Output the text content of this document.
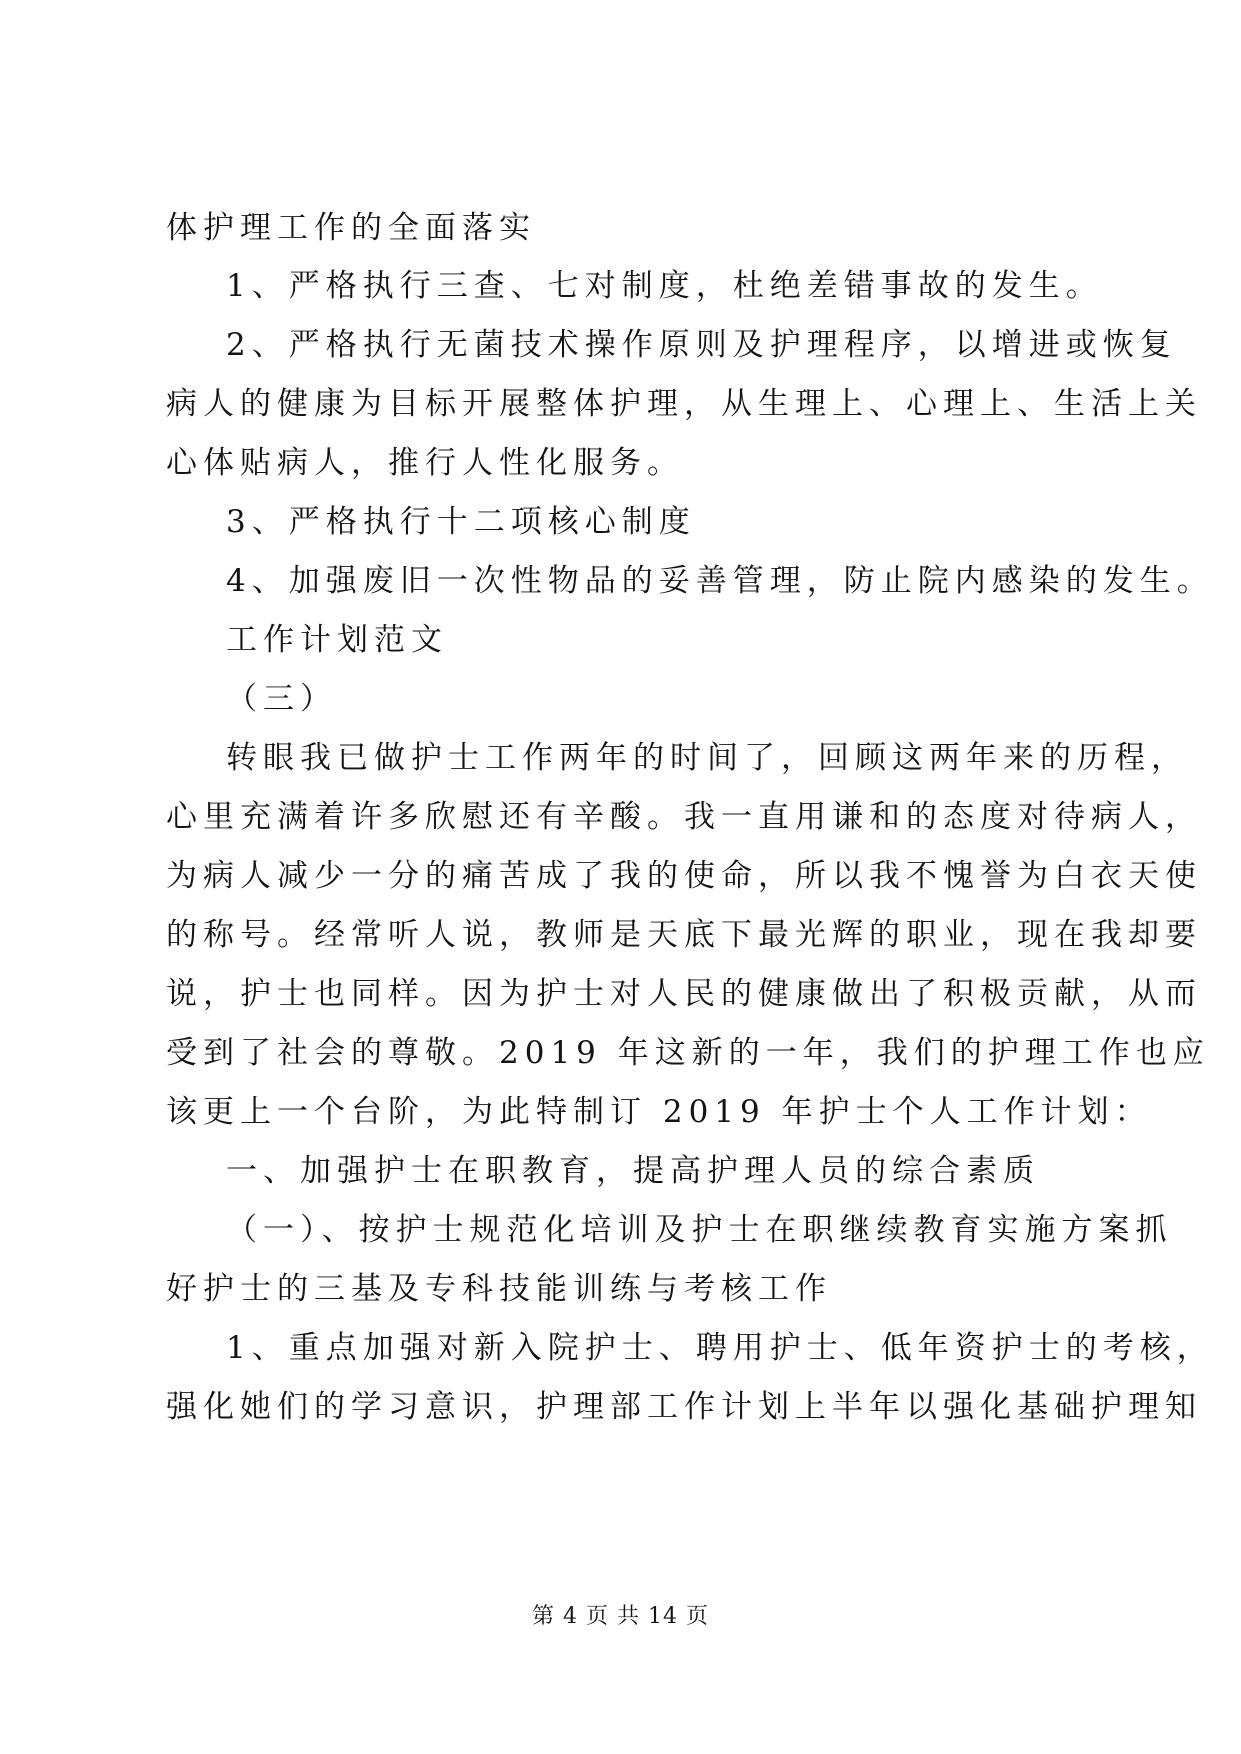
体护理工作的全面落实
1、严格执行三查、七对制度，杜绝差错事故的发生。
2、严格执行无菌技术操作原则及护理程序，以增进或恢复
病人的健康为目标开展整体护理，从生理上、心理上、生活上关
心体贴病人，推行人性化服务。
3、严格执行十二项核心制度
4、加强废旧一次性物品的妥善管理，防止院内感染的发生。
工作计划范文
（三）
转眼我已做护士工作两年的时间了，回顾这两年来的历程，
心里充满着许多欣慰还有辛酸。我一直用谦和的态度对待病人，
为病人减少一分的痛苦成了我的使命，所以我不愧誉为白衣天使
的称号。经常听人说，教师是天底下最光辉的职业，现在我却要
说，护士也同样。因为护士对人民的健康做出了积极贡献，从而
受到了社会的尊敬。2019 年这新的一年，我们的护理工作也应
该更上一个台阶，为此特制订 2019 年护士个人工作计划：
一、加强护士在职教育，提高护理人员的综合素质
（一）、按护士规范化培训及护士在职继续教育实施方案抓
好护士的三基及专科技能训练与考核工作
1、重点加强对新入院护士、聘用护士、低年资护士的考核，
强化她们的学习意识，护理部工作计划上半年以强化基础护理知
第 4 页 共 14 页
